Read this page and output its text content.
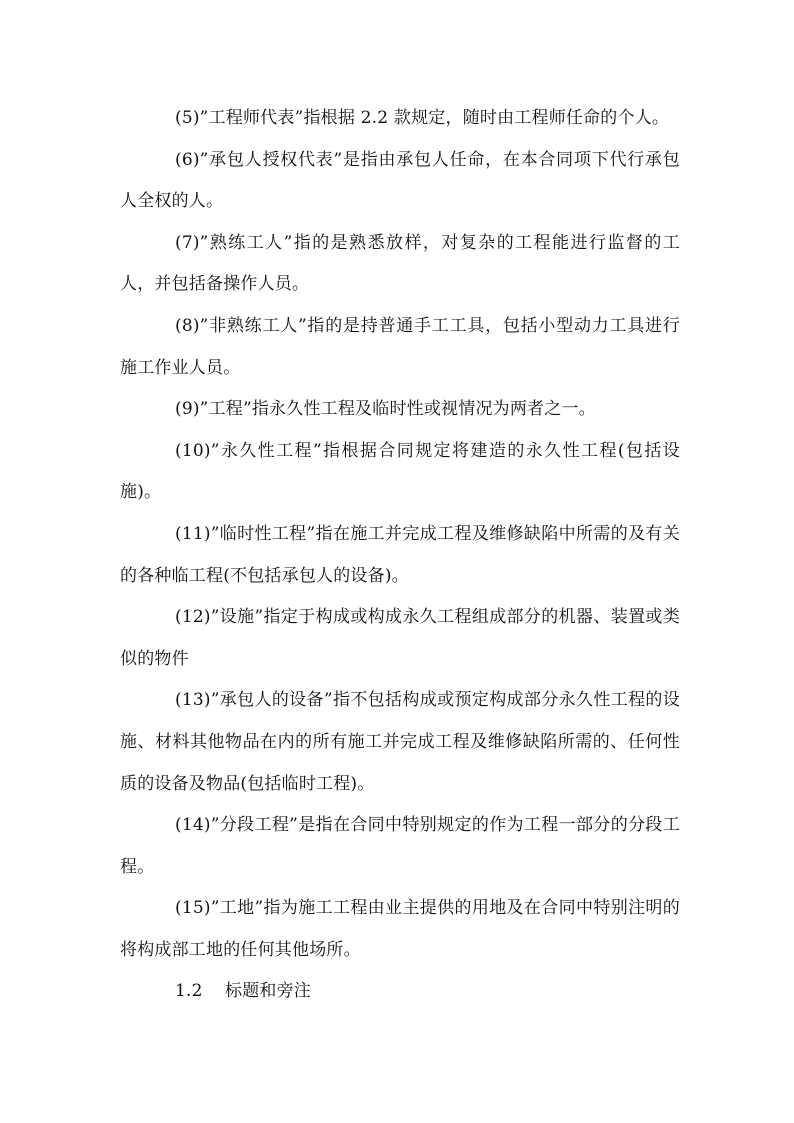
(5)”工程师代表”指根据 2.2 款规定，随时由工程师任命的个人。

(6)”承包人授权代表”是指由承包人任命，在本合同项下代行承包人全权的人。

(7)”熟练工人”指的是熟悉放样，对复杂的工程能进行监督的工人，并包括备操作人员。

(8)”非熟练工人”指的是持普通手工工具，包括小型动力工具进行施工作业人员。

(9)”工程”指永久性工程及临时性或视情况为两者之一。

(10)”永久性工程”指根据合同规定将建造的永久性工程(包括设施)。

(11)”临时性工程”指在施工并完成工程及维修缺陷中所需的及有关的各种临工程(不包括承包人的设备)。

(12)”设施”指定于构成或构成永久工程组成部分的机器、装置或类似的物件

(13)”承包人的设备”指不包括构成或预定构成部分永久性工程的设施、材料其他物品在内的所有施工并完成工程及维修缺陷所需的、任何性质的设备及物品(包括临时工程)。

(14)”分段工程”是指在合同中特别规定的作为工程一部分的分段工程。

(15)”工地”指为施工工程由业主提供的用地及在合同中特别注明的将构成部工地的任何其他场所。

1.2 标题和旁注
